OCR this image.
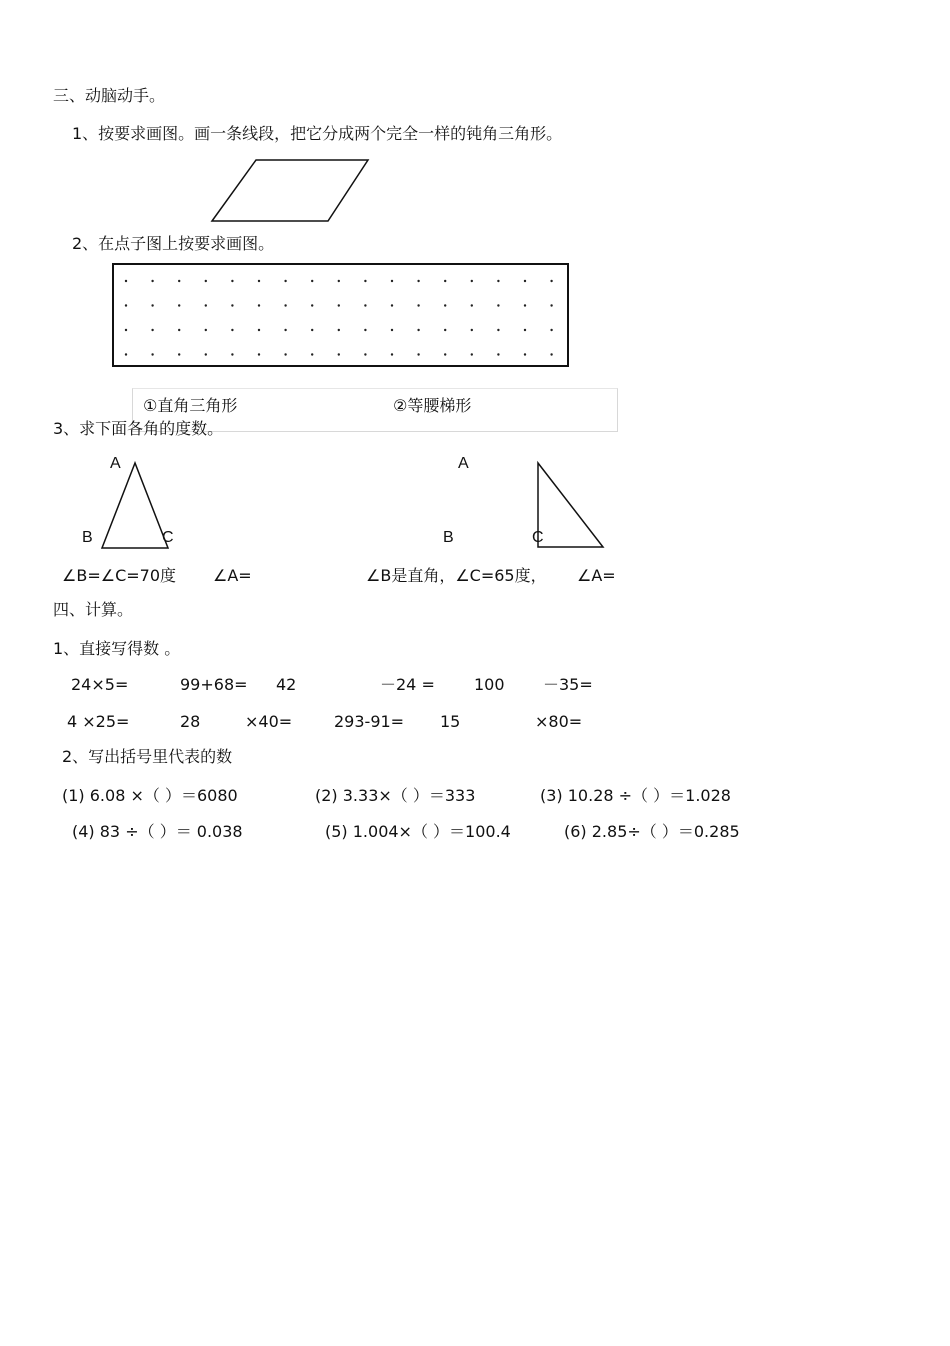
三、动脑动手。
1、按要求画图。画一条线段，把它分成两个完全一样的钝角三角形。
2、在点子图上按要求画图。
①直角三角形	②等腰梯形
3、求下面各角的度数。
A
B	C
∠B=∠C=70度 ∠A=
A
B	C
∠B是直角，∠C=65度， ∠A=
四、计算。
1、直接写得数 。
24×5=	99+68= 42	－24 = 100 －35=
4 ×25=	28	×40=	293-91= 15	×80=
2、写出括号里代表的数
(1) 6.08 ×（ ）＝6080	(2) 3.33×（ ）＝333	(3) 10.28 ÷（ ）＝1.028
(4) 83 ÷（ ）＝ 0.038	(5) 1.004×（ ）＝100.4	(6) 2.85÷（ ）＝0.285
